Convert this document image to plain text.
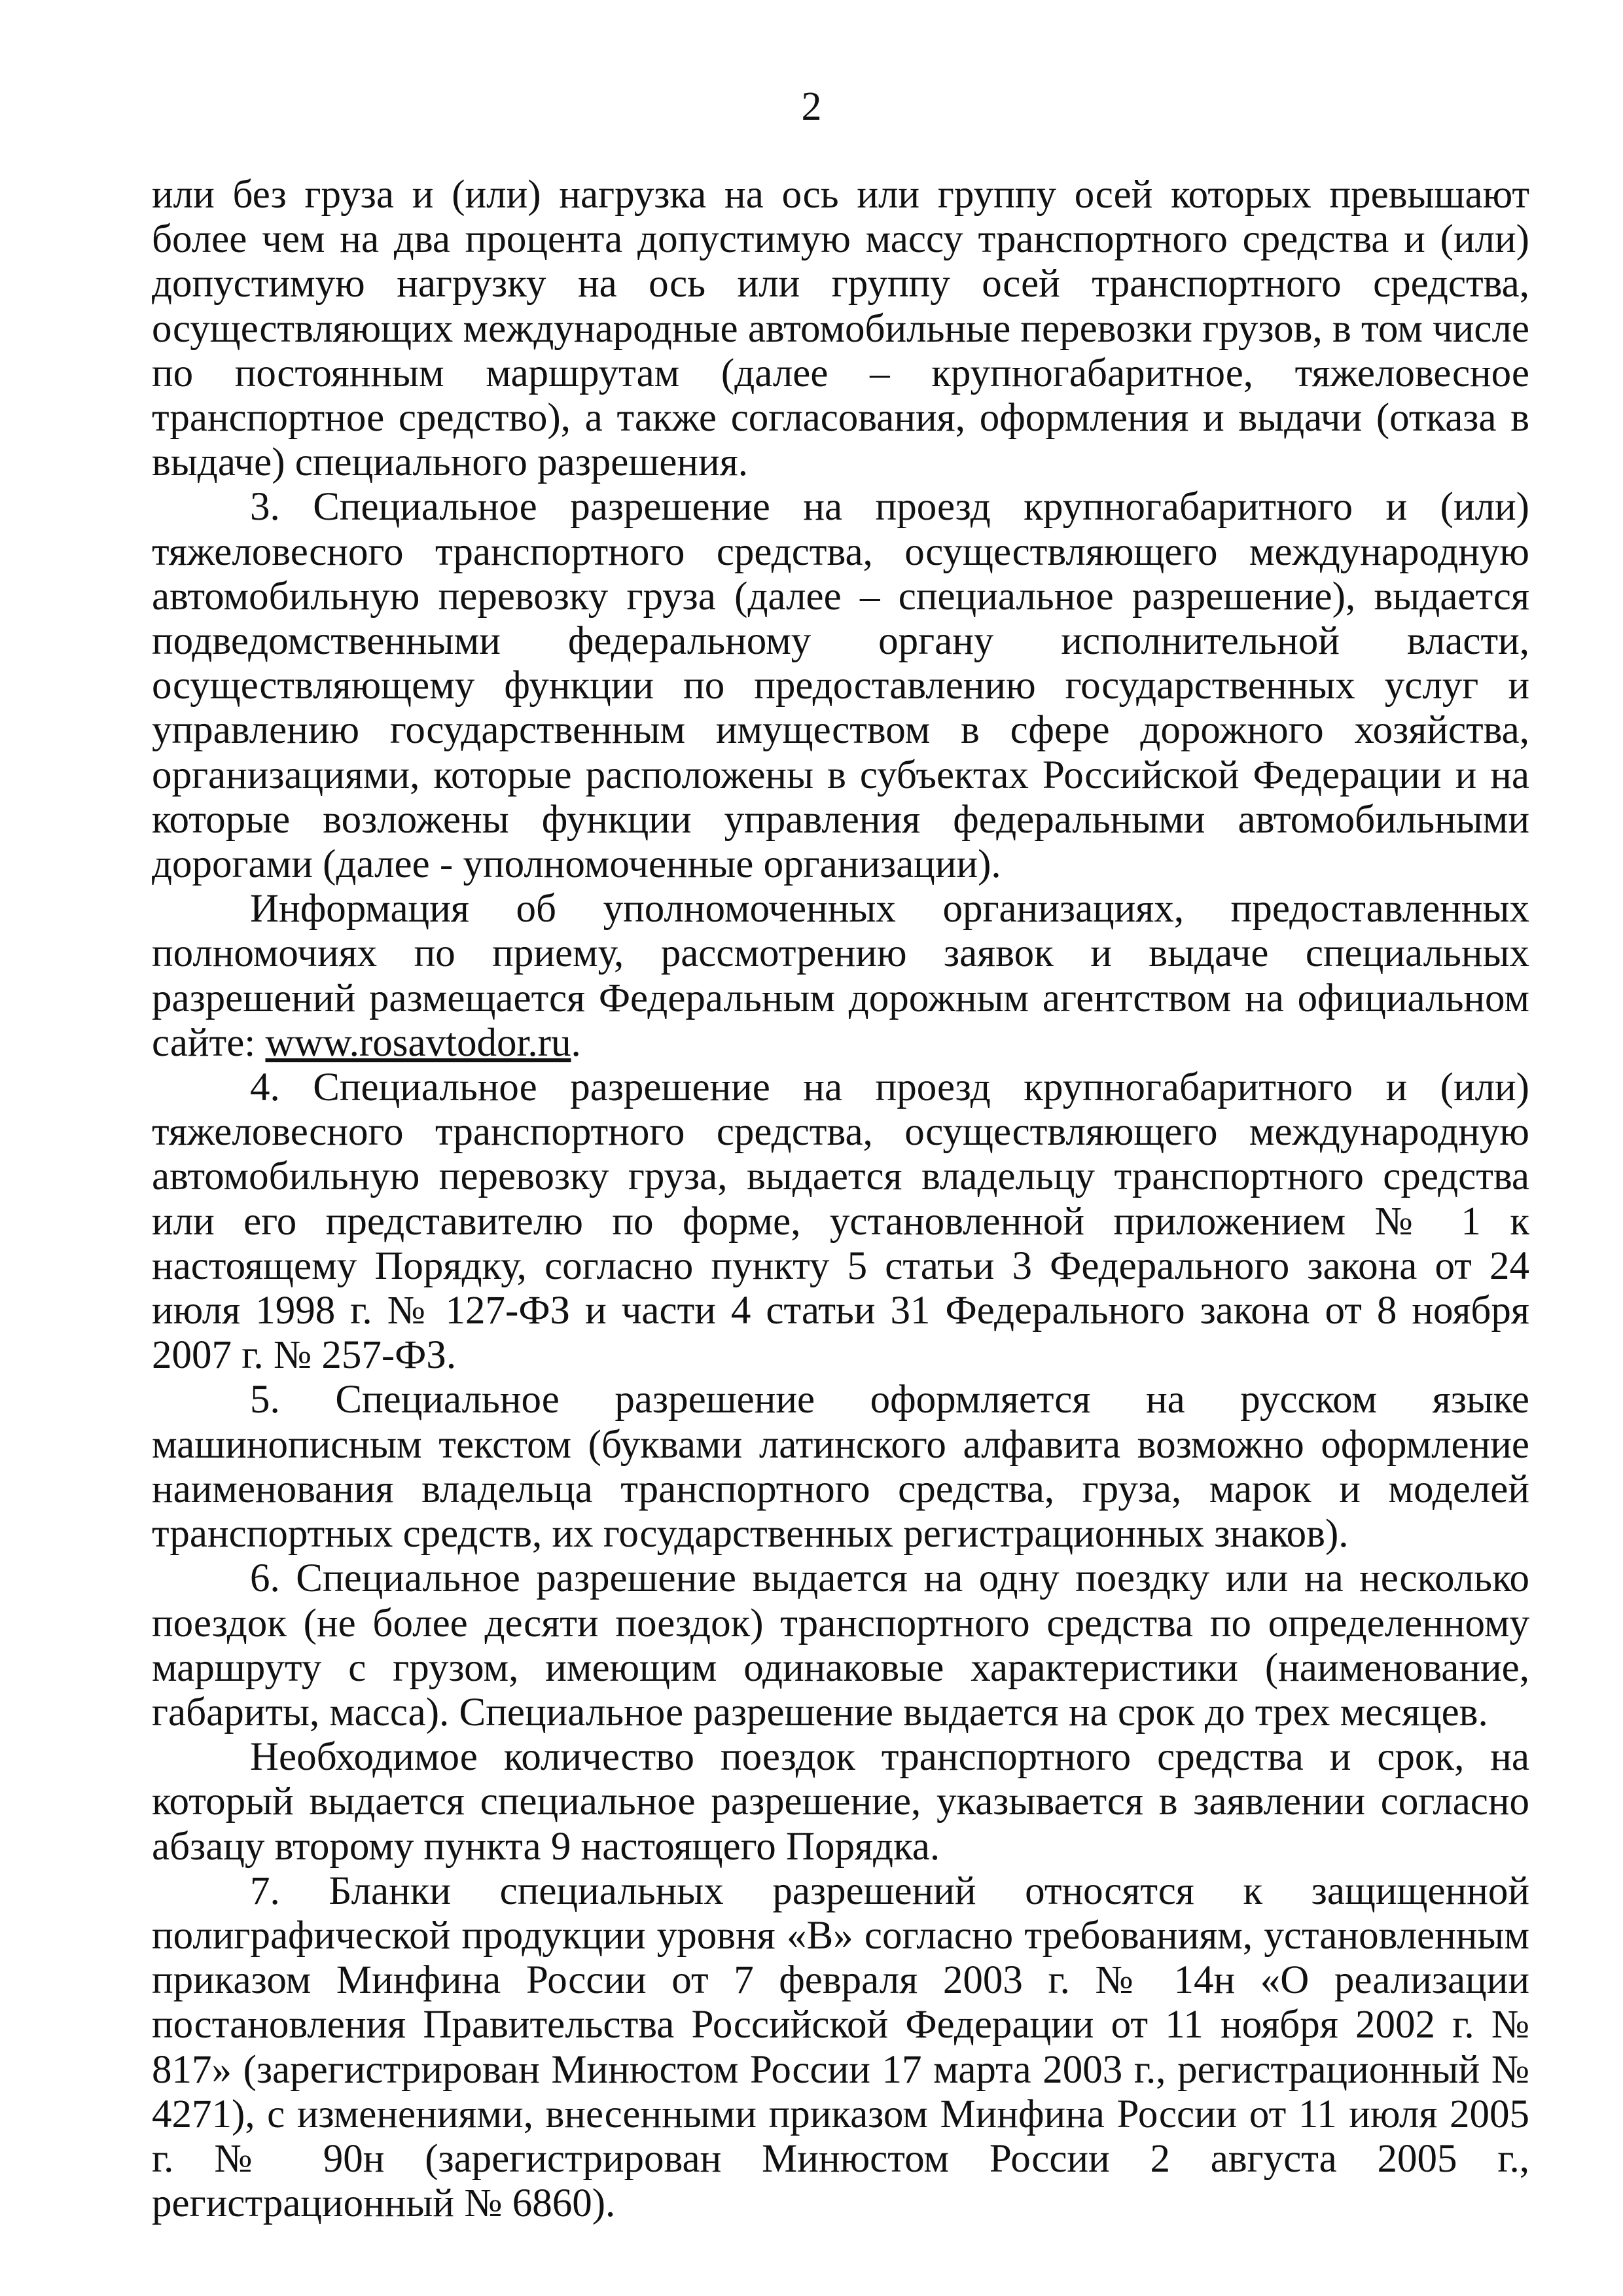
2

или без груза и (или) нагрузка на ось или группу осей которых превышают более чем на два процента допустимую массу транспортного средства и (или) допустимую нагрузку на ось или группу осей транспортного средства, осуществляющих международные автомобильные перевозки грузов, в том числе по постоянным маршрутам (далее – крупногабаритное, тяжеловесное транспортное средство), а также согласования, оформления и выдачи (отказа в выдаче) специального разрешения.

3. Специальное разрешение на проезд крупногабаритного и (или) тяжеловесного транспортного средства, осуществляющего международную автомобильную перевозку груза (далее – специальное разрешение), выдается подведомственными федеральному органу исполнительной власти, осуществляющему функции по предоставлению государственных услуг и управлению государственным имуществом в сфере дорожного хозяйства, организациями, которые расположены в субъектах Российской Федерации и на которые возложены функции управления федеральными автомобильными дорогами (далее - уполномоченные организации).

Информация об уполномоченных организациях, предоставленных полномочиях по приему, рассмотрению заявок и выдаче специальных разрешений размещается Федеральным дорожным агентством на официальном сайте: www.rosavtodor.ru.

4. Специальное разрешение на проезд крупногабаритного и (или) тяжеловесного транспортного средства, осуществляющего международную автомобильную перевозку груза, выдается владельцу транспортного средства или его представителю по форме, установленной приложением № 1 к настоящему Порядку, согласно пункту 5 статьи 3 Федерального закона от 24 июля 1998 г. № 127-ФЗ и части 4 статьи 31 Федерального закона от 8 ноября 2007 г. № 257-ФЗ.

5. Специальное разрешение оформляется на русском языке машинописным текстом (буквами латинского алфавита возможно оформление наименования владельца транспортного средства, груза, марок и моделей транспортных средств, их государственных регистрационных знаков).

6. Специальное разрешение выдается на одну поездку или на несколько поездок (не более десяти поездок) транспортного средства по определенному маршруту с грузом, имеющим одинаковые характеристики (наименование, габариты, масса). Специальное разрешение выдается на срок до трех месяцев.

Необходимое количество поездок транспортного средства и срок, на который выдается специальное разрешение, указывается в заявлении согласно абзацу второму пункта 9 настоящего Порядка.

7. Бланки специальных разрешений относятся к защищенной полиграфической продукции уровня «В» согласно требованиям, установленным приказом Минфина России от 7 февраля 2003 г. № 14н «О реализации постановления Правительства Российской Федерации от 11 ноября 2002 г. № 817» (зарегистрирован Минюстом России 17 марта 2003 г., регистрационный № 4271), с изменениями, внесенными приказом Минфина России от 11 июля 2005 г. № 90н (зарегистрирован Минюстом России 2 августа 2005 г., регистрационный № 6860).
